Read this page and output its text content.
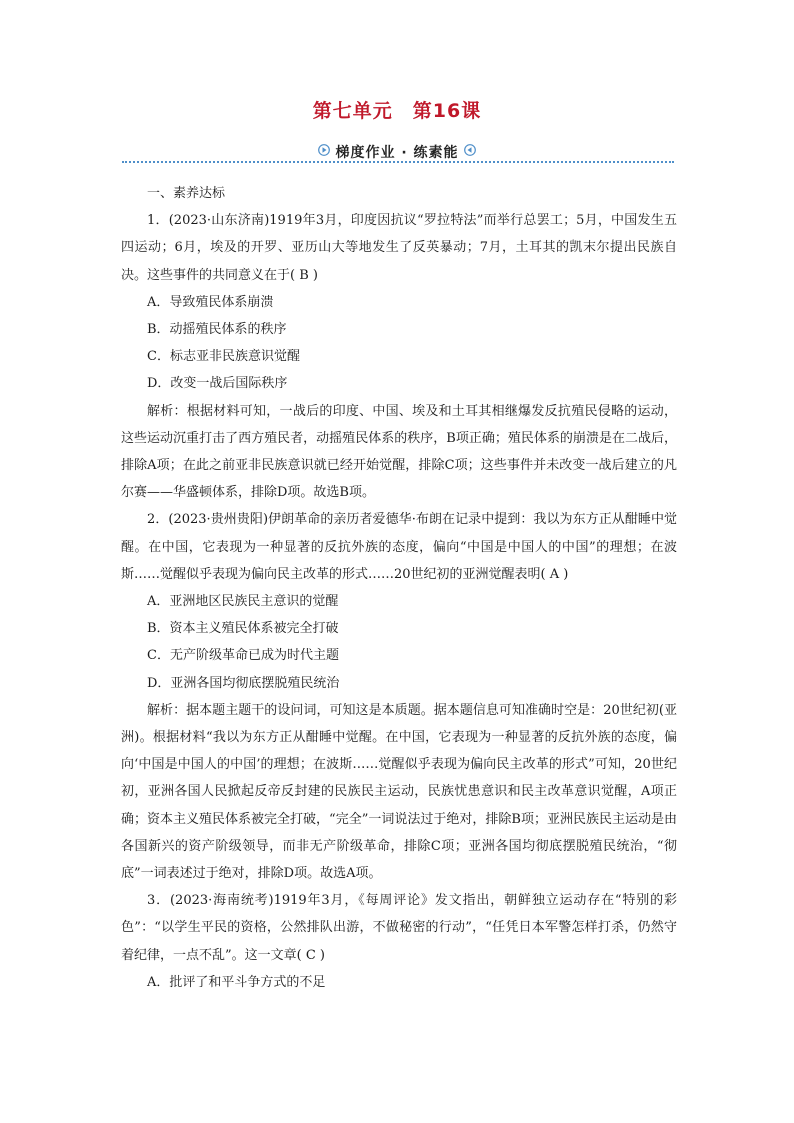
第七单元　第16课
梯度作业 · 练素能

一、素养达标

1．(2023·山东济南)1919年3月，印度因抗议“罗拉特法”而举行总罢工；5月，中国发生五四运动；6月，埃及的开罗、亚历山大等地发生了反英暴动；7月，土耳其的凯末尔提出民族自决。这些事件的共同意义在于( B )

A．导致殖民体系崩溃

B．动摇殖民体系的秩序

C．标志亚非民族意识觉醒

D．改变一战后国际秩序

解析：根据材料可知，一战后的印度、中国、埃及和土耳其相继爆发反抗殖民侵略的运动，这些运动沉重打击了西方殖民者，动摇殖民体系的秩序，B项正确；殖民体系的崩溃是在二战后，排除A项；在此之前亚非民族意识就已经开始觉醒，排除C项；这些事件并未改变一战后建立的凡尔赛——华盛顿体系，排除D项。故选B项。

2．(2023·贵州贵阳)伊朗革命的亲历者爱德华·布朗在记录中提到：我以为东方正从酣睡中觉醒。在中国，它表现为一种显著的反抗外族的态度，偏向“中国是中国人的中国”的理想；在波斯……觉醒似乎表现为偏向民主改革的形式……20世纪初的亚洲觉醒表明( A )

A．亚洲地区民族民主意识的觉醒

B．资本主义殖民体系被完全打破

C．无产阶级革命已成为时代主题

D．亚洲各国均彻底摆脱殖民统治

解析：据本题主题干的设问词，可知这是本质题。据本题信息可知准确时空是：20世纪初(亚洲)。根据材料“我以为东方正从酣睡中觉醒。在中国，它表现为一种显著的反抗外族的态度，偏向‘中国是中国人的中国’的理想；在波斯……觉醒似乎表现为偏向民主改革的形式”可知，20世纪初，亚洲各国人民掀起反帝反封建的民族民主运动，民族忧患意识和民主改革意识觉醒，A项正确；资本主义殖民体系被完全打破，“完全”一词说法过于绝对，排除B项；亚洲民族民主运动是由各国新兴的资产阶级领导，而非无产阶级革命，排除C项；亚洲各国均彻底摆脱殖民统治，“彻底”一词表述过于绝对，排除D项。故选A项。

3．(2023·海南统考)1919年3月，《每周评论》发文指出，朝鲜独立运动存在“特别的彩色”：“以学生平民的资格，公然排队出游，不做秘密的行动”，“任凭日本军警怎样打杀，仍然守着纪律，一点不乱”。这一文章( C )

A．批评了和平斗争方式的不足
